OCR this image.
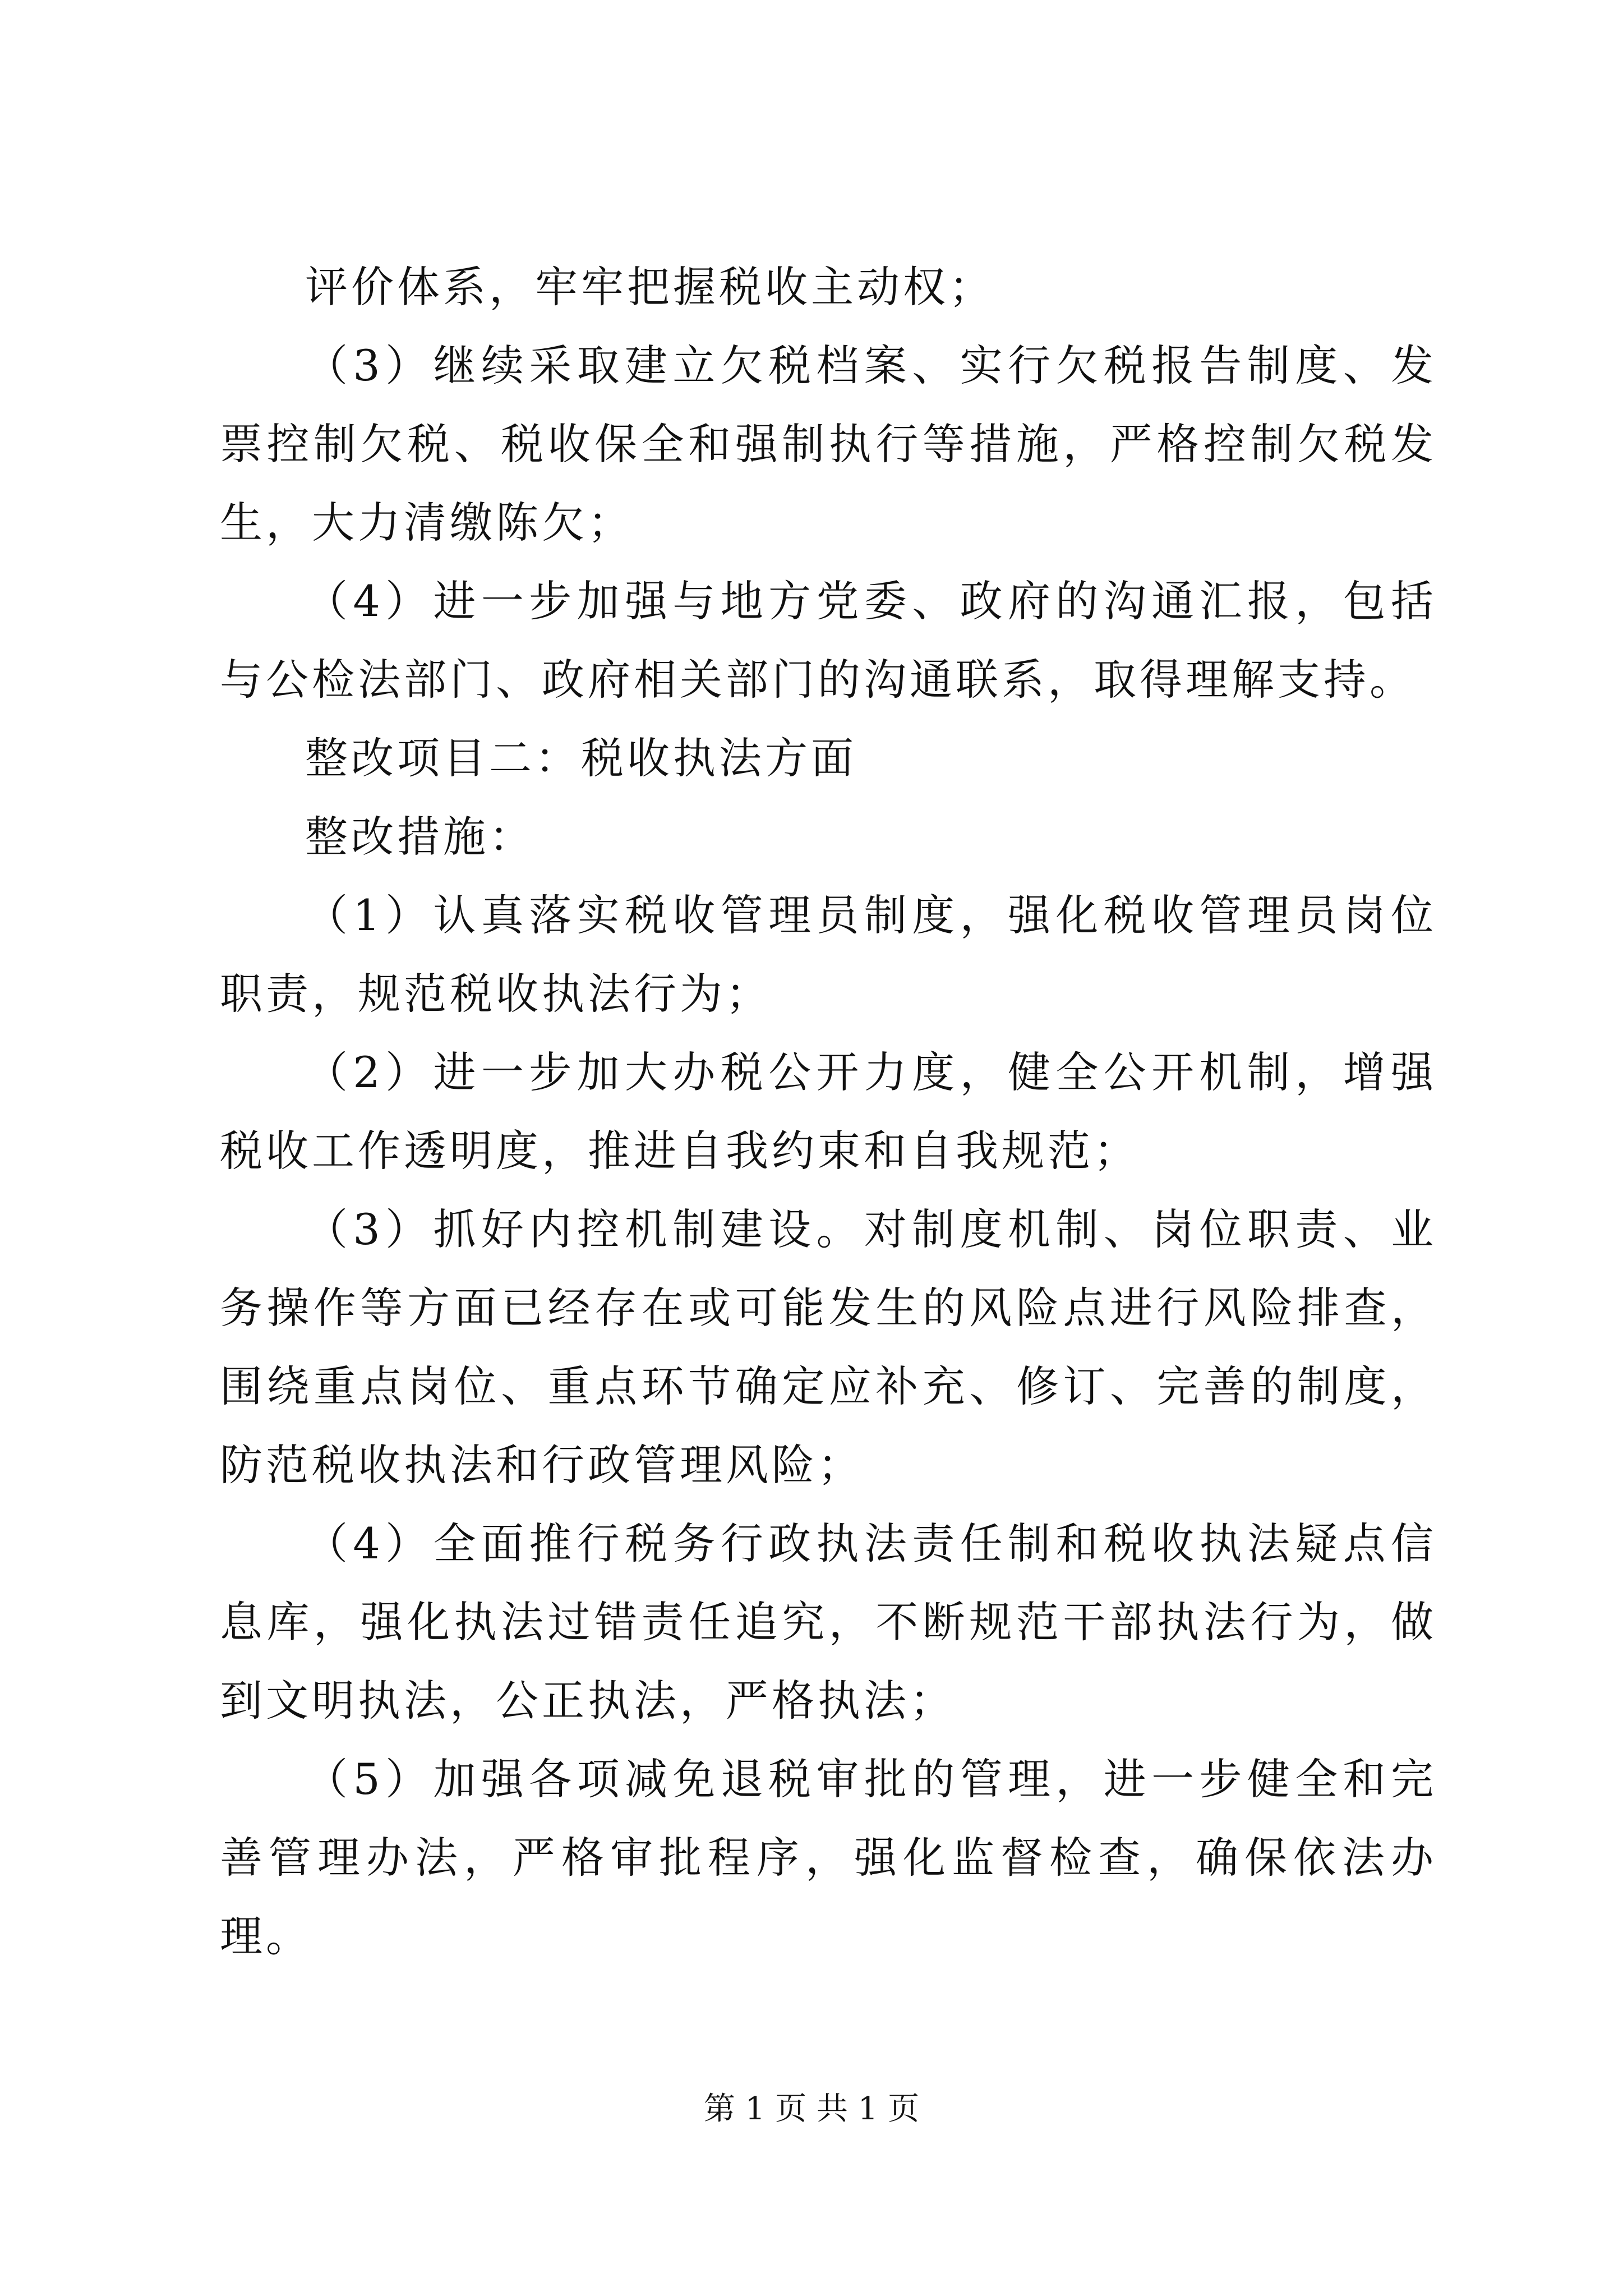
评价体系，牢牢把握税收主动权；

（3）继续采取建立欠税档案、实行欠税报告制度、发票控制欠税、税收保全和强制执行等措施，严格控制欠税发生，大力清缴陈欠；

（4）进一步加强与地方党委、政府的沟通汇报，包括与公检法部门、政府相关部门的沟通联系，取得理解支持。

整改项目二：税收执法方面

整改措施：

（1）认真落实税收管理员制度，强化税收管理员岗位职责，规范税收执法行为；

（2）进一步加大办税公开力度，健全公开机制，增强税收工作透明度，推进自我约束和自我规范；

（3）抓好内控机制建设。对制度机制、岗位职责、业务操作等方面已经存在或可能发生的风险点进行风险排查，围绕重点岗位、重点环节确定应补充、修订、完善的制度，防范税收执法和行政管理风险；

（4）全面推行税务行政执法责任制和税收执法疑点信息库，强化执法过错责任追究，不断规范干部执法行为，做到文明执法，公正执法，严格执法；

（5）加强各项减免退税审批的管理，进一步健全和完善管理办法，严格审批程序，强化监督检查，确保依法办理。

第 1 页 共 1 页
